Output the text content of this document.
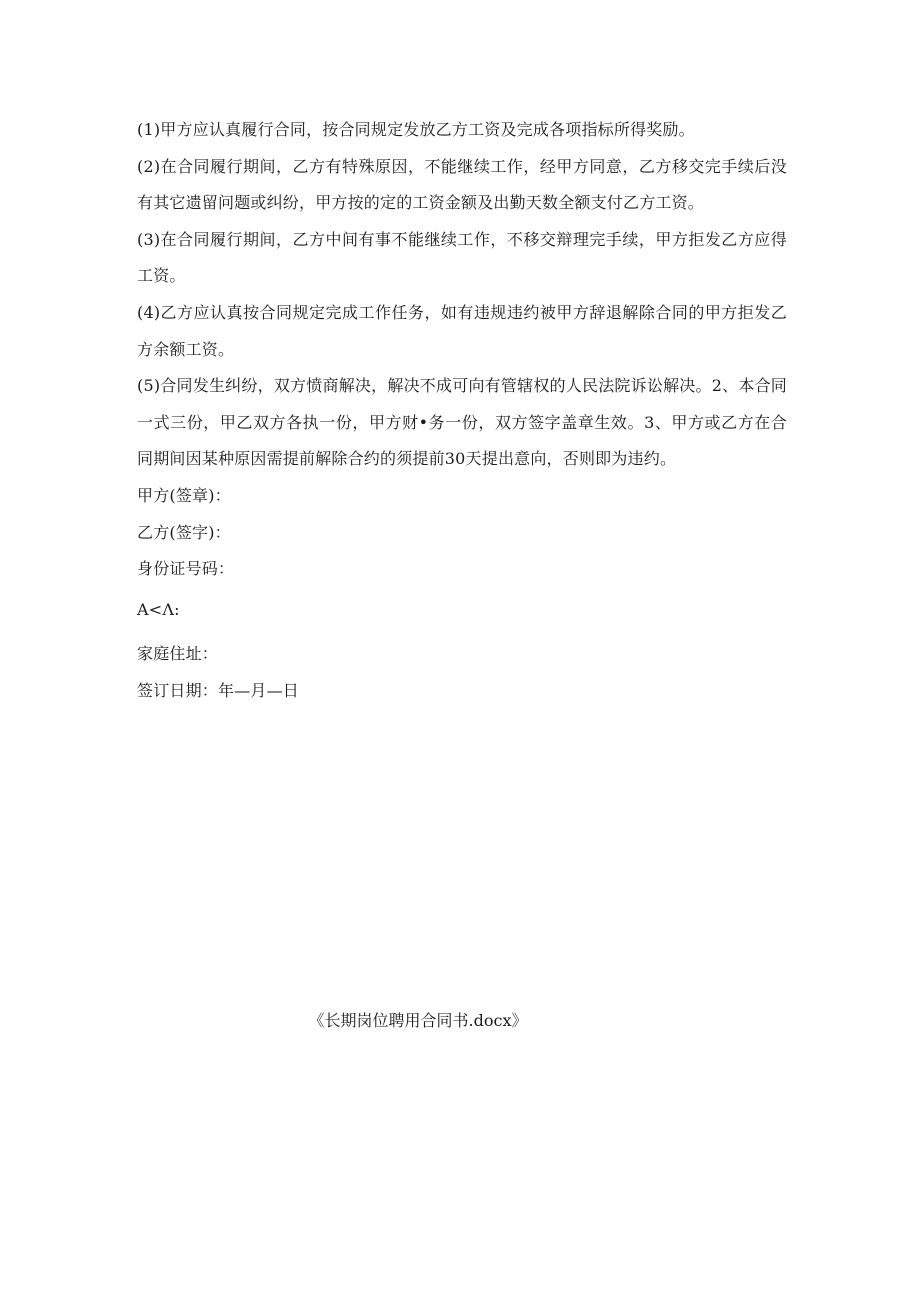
(1)甲方应认真履行合同，按合同规定发放乙方工资及完成各项指标所得奖励。

(2)在合同履行期间，乙方有特殊原因，不能继续工作，经甲方同意，乙方移交完手续后没有其它遗留问题或纠纷，甲方按的定的工资金额及出勤天数全额支付乙方工资。

(3)在合同履行期间，乙方中间有事不能继续工作，不移交辩理完手续，甲方拒发乙方应得工资。

(4)乙方应认真按合同规定完成工作任务，如有违规违约被甲方辞退解除合同的甲方拒发乙方余额工资。

(5)合同发生纠纷，双方愤商解决，解决不成可向有管辖权的人民法院诉讼解决。2、本合同一式三份，甲乙双方各执一份，甲方财•务一份，双方签字盖章生效。3、甲方或乙方在合同期间因某种原因需提前解除合约的须提前30天提出意向，否则即为违约。

甲方(签章)：

乙方(签字)：

身份证号码：

A<Λ:

家庭住址：

签订日期：年—月—日

《长期岗位聘用合同书.docx》
